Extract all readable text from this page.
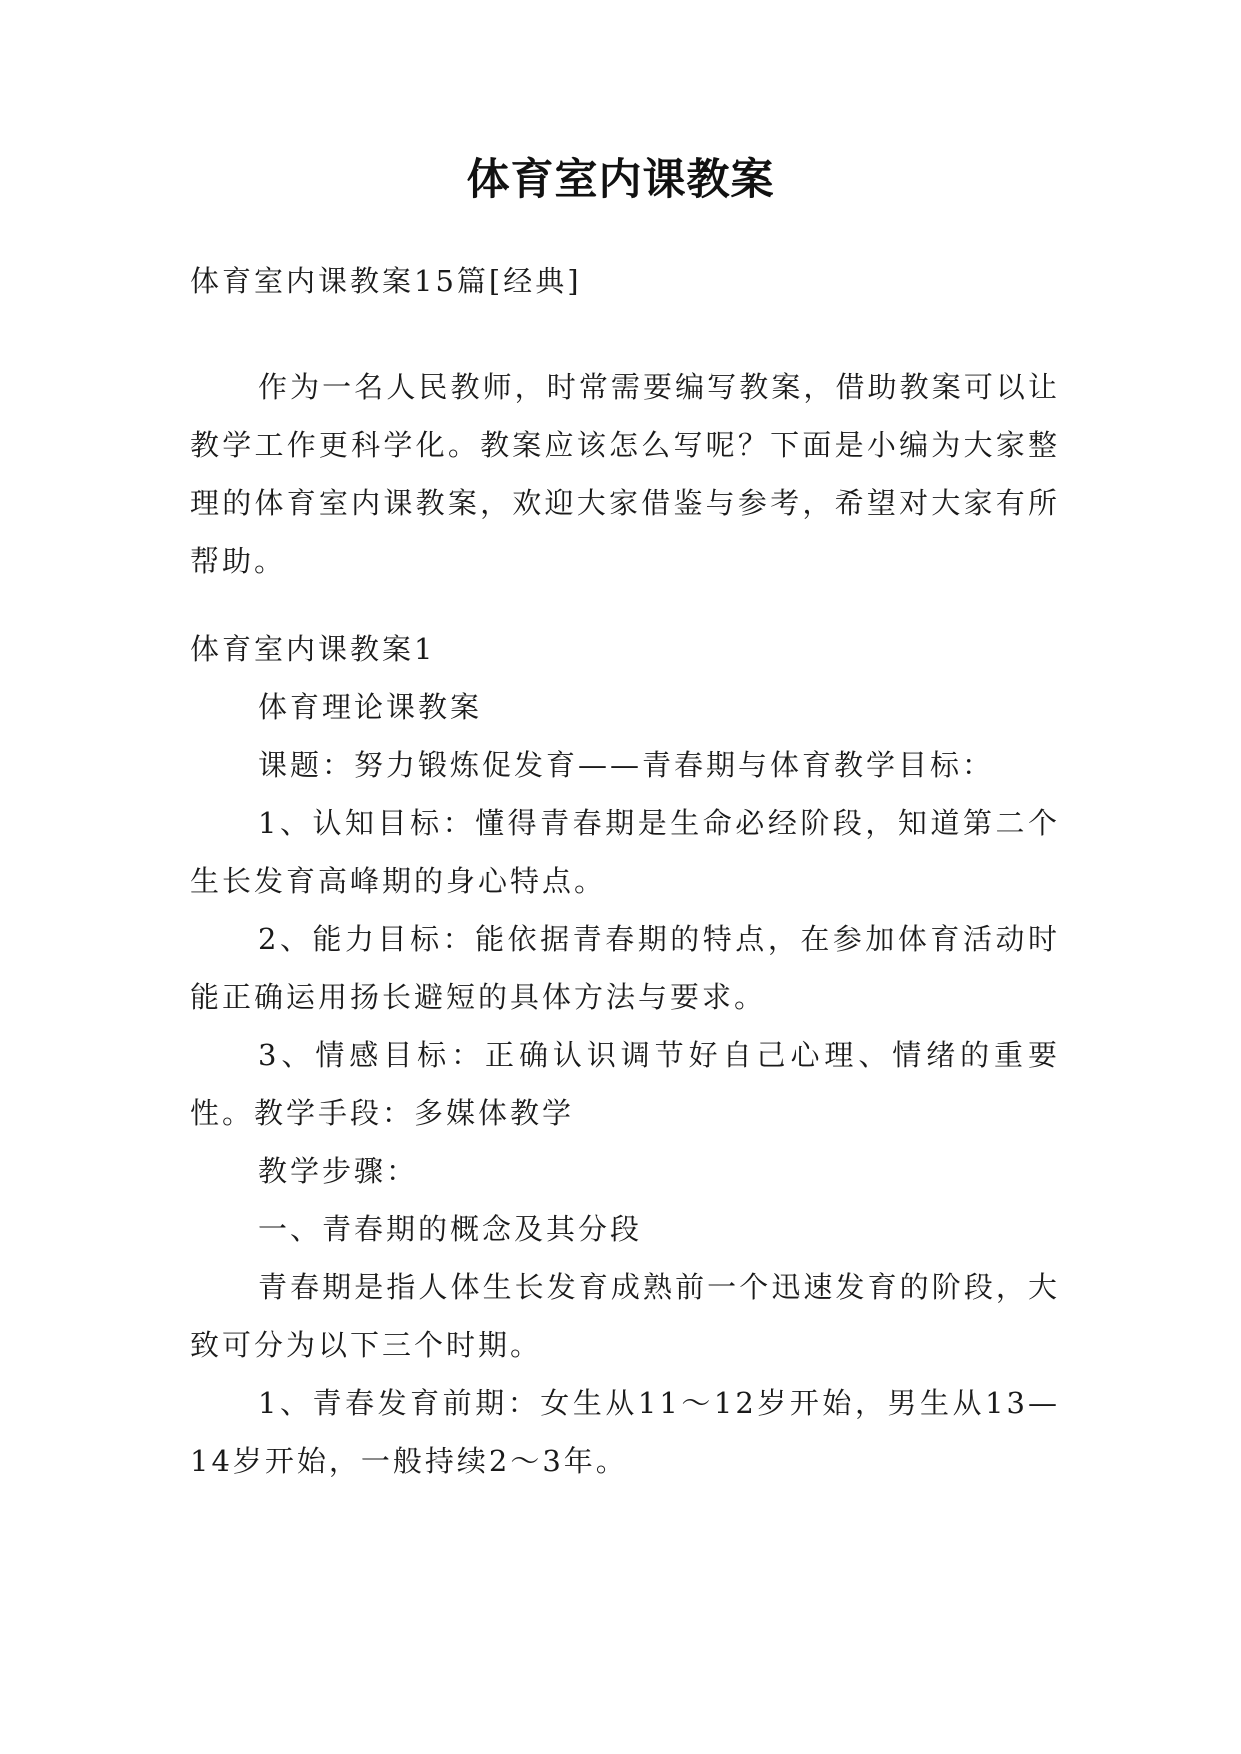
体育室内课教案

体育室内课教案15篇[经典]

作为一名人民教师，时常需要编写教案，借助教案可以让教学工作更科学化。教案应该怎么写呢？下面是小编为大家整理的体育室内课教案，欢迎大家借鉴与参考，希望对大家有所帮助。

体育室内课教案1

体育理论课教案

课题：努力锻炼促发育——青春期与体育教学目标：

1、认知目标：懂得青春期是生命必经阶段，知道第二个生长发育高峰期的身心特点。

2、能力目标：能依据青春期的特点，在参加体育活动时能正确运用扬长避短的具体方法与要求。

3、情感目标：正确认识调节好自己心理、情绪的重要性。教学手段：多媒体教学

教学步骤：

一、青春期的概念及其分段

青春期是指人体生长发育成熟前一个迅速发育的阶段，大致可分为以下三个时期。

1、青春发育前期：女生从11～12岁开始，男生从13—14岁开始，一般持续2～3年。
